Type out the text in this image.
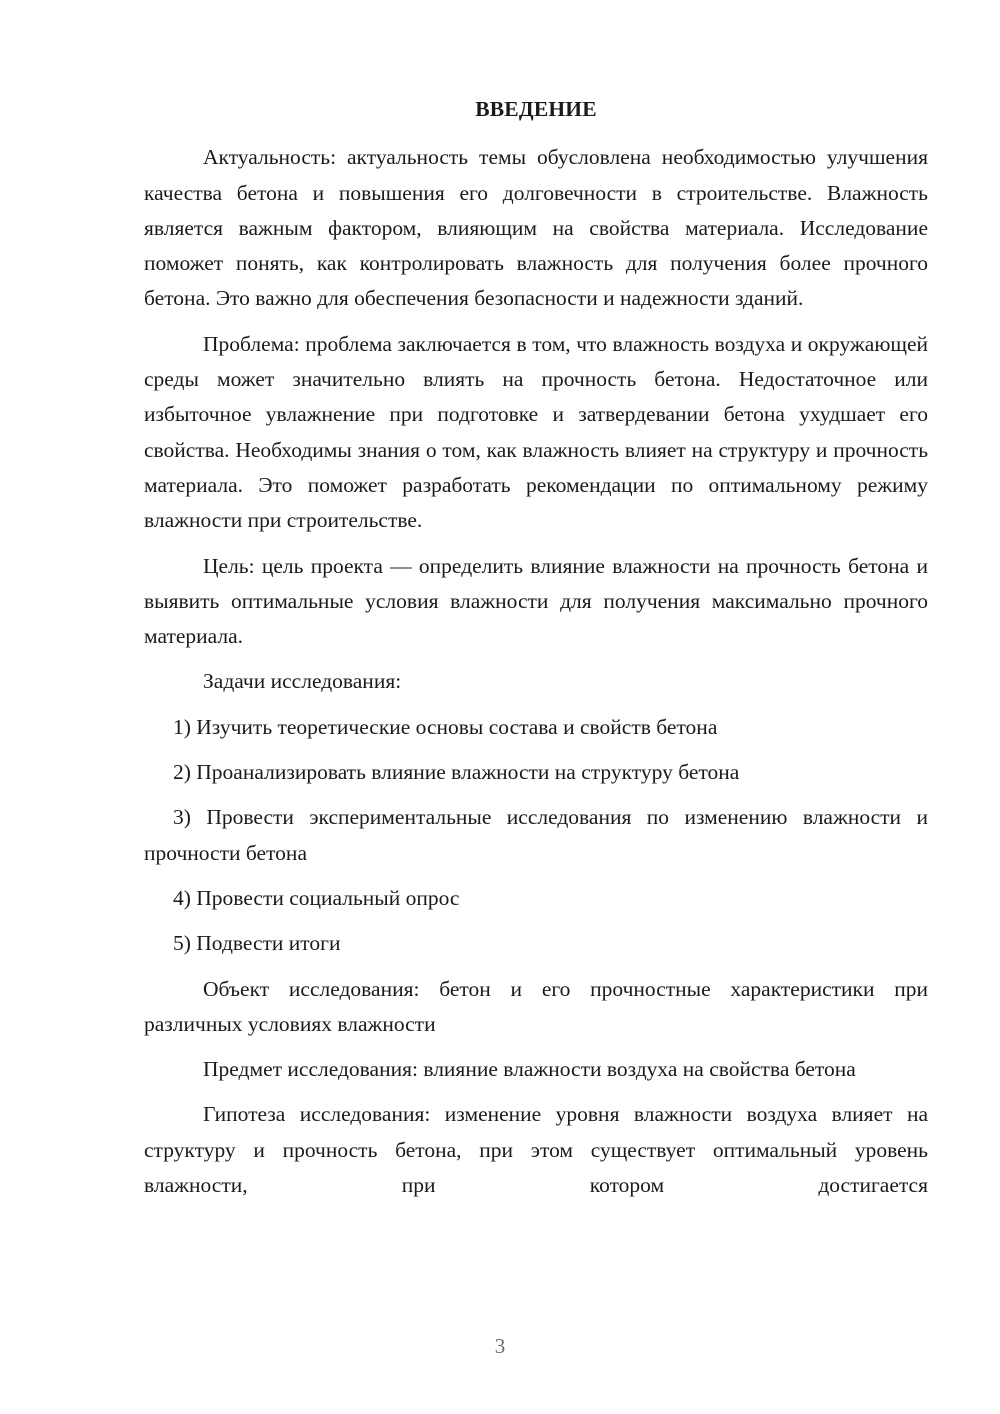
ВВЕДЕНИЕ

Актуальность: актуальность темы обусловлена необходимостью улучшения качества бетона и повышения его долговечности в строительстве. Влажность является важным фактором, влияющим на свойства материала. Исследование поможет понять, как контролировать влажность для получения более прочного бетона. Это важно для обеспечения безопасности и надежности зданий.

Проблема: проблема заключается в том, что влажность воздуха и окружающей среды может значительно влиять на прочность бетона. Недостаточное или избыточное увлажнение при подготовке и затвердевании бетона ухудшает его свойства. Необходимы знания о том, как влажность влияет на структуру и прочность материала. Это поможет разработать рекомендации по оптимальному режиму влажности при строительстве.

Цель: цель проекта — определить влияние влажности на прочность бетона и выявить оптимальные условия влажности для получения максимально прочного материала.

Задачи исследования:

1) Изучить теоретические основы состава и свойств бетона

2) Проанализировать влияние влажности на структуру бетона

3) Провести экспериментальные исследования по изменению влажности и прочности бетона

4) Провести социальный опрос

5) Подвести итоги

Объект исследования: бетон и его прочностные характеристики при различных условиях влажности

Предмет исследования: влияние влажности воздуха на свойства бетона

Гипотеза исследования: изменение уровня влажности воздуха влияет на структуру и прочность бетона, при этом существует оптимальный уровень влажности, при котором достигается

3
